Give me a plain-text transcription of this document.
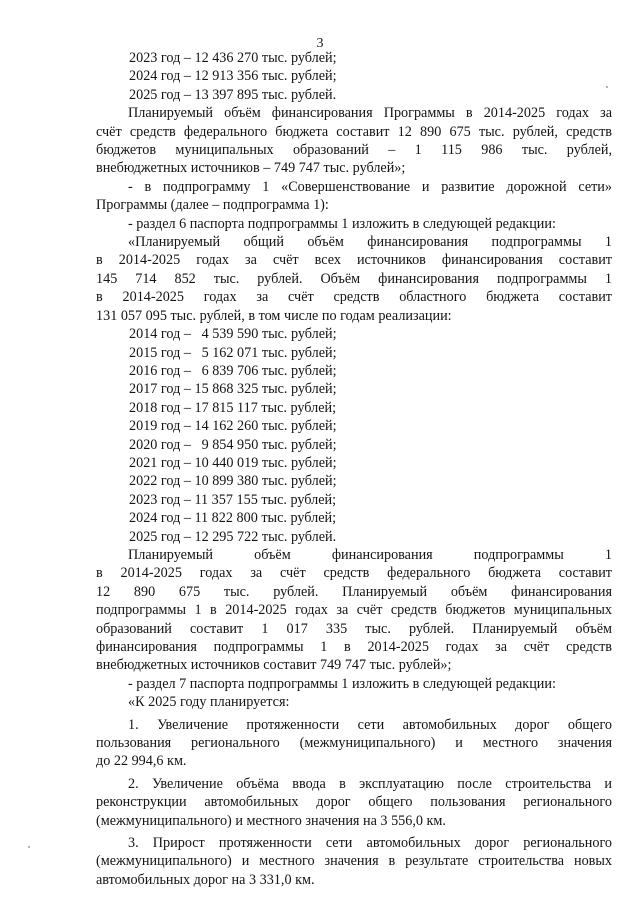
3

2023 год – 12 436 270 тыс. рублей;

2024 год – 12 913 356 тыс. рублей;

2025 год – 13 397 895 тыс. рублей.

Планируемый объём финансирования Программы в 2014-2025 годах за

счёт средств федерального бюджета составит 12 890 675 тыс. рублей, средств

бюджетов муниципальных образований – 1 115 986 тыс. рублей,

внебюджетных источников – 749 747 тыс. рублей»;

- в подпрограмму 1 «Совершенствование и развитие дорожной сети»

Программы (далее – подпрограмма 1):

- раздел 6 паспорта подпрограммы 1 изложить в следующей редакции:

«Планируемый общий объём финансирования подпрограммы 1

в 2014-2025 годах за счёт всех источников финансирования составит

145 714 852 тыс. рублей. Объём финансирования подпрограммы 1

в 2014-2025 годах за счёт средств областного бюджета составит

131 057 095 тыс. рублей, в том числе по годам реализации:

2014 год –   4 539 590 тыс. рублей;

2015 год –   5 162 071 тыс. рублей;

2016 год –   6 839 706 тыс. рублей;

2017 год – 15 868 325 тыс. рублей;

2018 год – 17 815 117 тыс. рублей;

2019 год – 14 162 260 тыс. рублей;

2020 год –   9 854 950 тыс. рублей;

2021 год – 10 440 019 тыс. рублей;

2022 год – 10 899 380 тыс. рублей;

2023 год – 11 357 155 тыс. рублей;

2024 год – 11 822 800 тыс. рублей;

2025 год – 12 295 722 тыс. рублей.

Планируемый объём финансирования подпрограммы 1

в 2014-2025 годах за счёт средств федерального бюджета составит

12 890 675 тыс. рублей. Планируемый объём финансирования

подпрограммы 1 в 2014-2025 годах за счёт средств бюджетов муниципальных

образований составит 1 017 335 тыс. рублей. Планируемый объём

финансирования подпрограммы 1 в 2014-2025 годах за счёт средств

внебюджетных источников составит 749 747 тыс. рублей»;

- раздел 7 паспорта подпрограммы 1 изложить в следующей редакции:

«К 2025 году планируется:

1. Увеличение протяженности сети автомобильных дорог общего

пользования регионального (межмуниципального) и местного значения

до 22 994,6 км.

2. Увеличение объёма ввода в эксплуатацию после строительства и

реконструкции автомобильных дорог общего пользования регионального

(межмуниципального) и местного значения на 3 556,0 км.

3. Прирост протяженности сети автомобильных дорог регионального

(межмуниципального) и местного значения в результате строительства новых

автомобильных дорог на 3 331,0 км.
